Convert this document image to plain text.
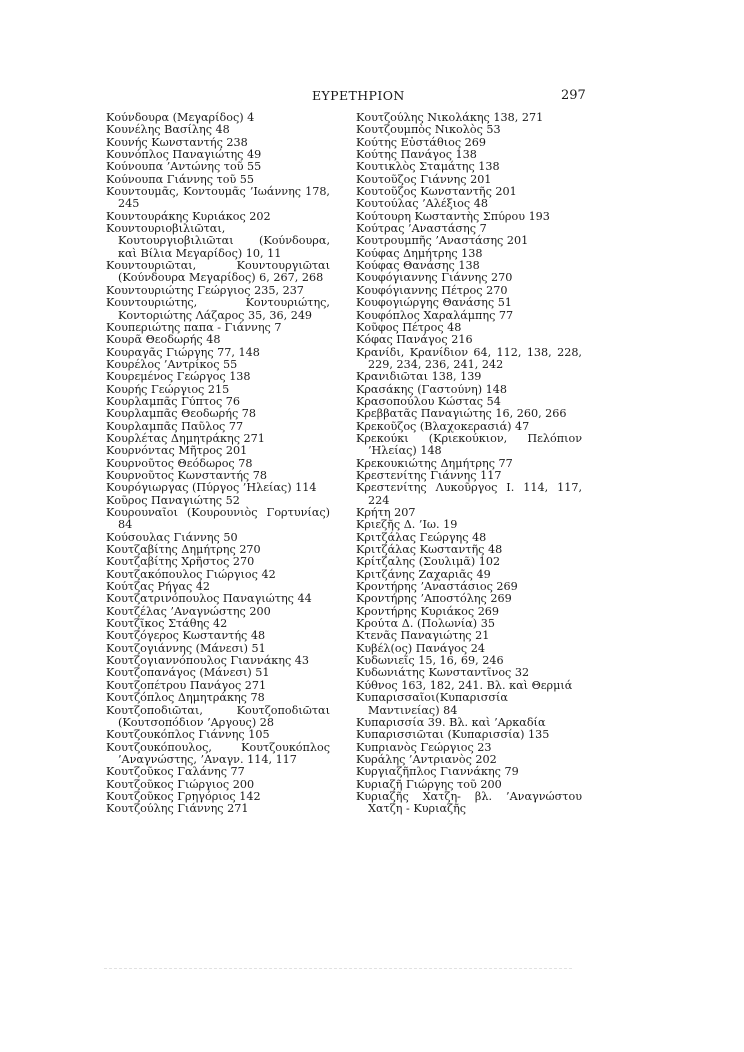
ΕΥΡΕΤΗΡΙΟΝ	297
Κούνδουρα (Μεγαρίδος) 4
Κουνέλης Βασίλης 48
Κουνής Κωνσταντής 238
Κουνόπλος Παναγιώτης 49
Κούνουπα ’Αντώνης τοῦ 55
Κούνουπα Γιάννης τοῦ 55
Κουντουμᾶς, Κοντουμᾶς ’Ιωάννης 178, 245
Κουντουράκης Κυριάκος 202
Κουντουριοβιλιῶται, Κουτουργιοβιλιῶται (Κούνδουρα, καὶ Βίλια Μεγαρίδος) 10, 11
Κουντουριῶται, Κουντουργιῶται (Κούνδουρα Μεγαρίδος) 6, 267, 268
Κουντουριώτης Γεώργιος 235, 237
Κουντουριώτης, Κοντουριώτης, Κοντοριώτης Λάζαρος 35, 36, 249
Κουπεριώτης παπα - Γιάννης 7
Κουρᾶ Θεοδωρής 48
Κουραγᾶς Γιώργης 77, 148
Κουρέλος ’Αντρίκος 55
Κουρεμένος Γεώργος 138
Κουρής Γεώργιος 215
Κουρλαμπᾶς Γύπτος 76
Κουρλαμπᾶς Θεοδωρής 78
Κουρλαμπᾶς Παῦλος 77
Κουρλέτας Δημητράκης 271
Κουρνόντας Μῆτρος 201
Κουρνοῦτος Θεόδωρος 78
Κουρνοῦτος Κωνσταντής 78
Κουρόγιωργας (Πύργος ’Ηλείας) 114
Κοῦρος Παναγιώτης 52
Κουρουναῖοι (Κουρουνιὸς Γορτυνίας) 84
Κούσουλας Γιάννης 50
Κουτζαβίτης Δημήτρης 270
Κουτζαβίτης Χρῆστος 270
Κουτζακόπουλος Γιώργιος 42
Κούτζας Ρήγας 42
Κουτζατρινόπουλος Παναγιώτης 44
Κουτζέλας ’Αναγνώστης 200
Κουτζῖκος Στάθης 42
Κουτζόγερος Κωσταντής 48
Κουτζογιάννης (Μάνεσι) 51
Κουτζογιαννόπουλος Γιαννάκης 43
Κουτζοπανάγος (Μάνεσι) 51
Κουτζοπέτρου Πανάγος 271
Κουτζόπλος Δημητράκης 78
Κουτζοποδιῶται, Κουτζοποδιῶται (Κουτσοπόδιον ’Αργους) 28
Κουτζουκόπλος Γιάννης 105
Κουτζουκόπουλος, Κουτζουκόπλος ’Αναγνώστης, ’Αναγν. 114, 117
Κουτζοῦκος Γαλάνης 77
Κουτζοῦκος Γιώργιος 200
Κουτζοῦκος Γρηγόριος 142
Κουτζούλης Γιάννης 271
Κουτζούλης Νικολάκης 138, 271
Κουτζουμπὸς Νικολὸς 53
Κούτης Εὐστάθιος 269
Κούτης Πανάγος 138
Κουτικλὸς Σταμάτης 138
Κουτοῦζος Γιάννης 201
Κουτοῦζος Κωνσταντῆς 201
Κουτούλας ’Αλέξιος 48
Κούτουρη Κωσταντὴς Σπύρου 193
Κούτρας ’Αναστάσης 7
Κουτρουμπῆς ’Αναστάσης 201
Κούφας Δημήτρης 138
Κούφας Θανάσης 138
Κουφόγιαννης Γιάννης 270
Κουφόγιαννης Πέτρος 270
Κουφογιώργης Θανάσης 51
Κουφόπλος Χαραλάμπης 77
Κοῦφος Πέτρος 48
Κόφας Πανάγος 216
Κρανίδι, Κρανίδιον 64, 112, 138, 228, 229, 234, 236, 241, 242
Κρανιδιῶται 138, 139
Κρασάκης (Γαστούνη) 148
Κρασοπούλου Κώστας 54
Κρεββατᾶς Παναγιώτης 16, 260, 266
Κρεκοῦζος (Βλαχοκερασιά) 47
Κρεκούκι (Κριεκούκιον, Πελόπιον ’Ηλείας) 148
Κρεκουκιώτης Δημήτρης 77
Κρεστενίτης Γιάννης 117
Κρεστενίτης Λυκοῦργος Ι. 114, 117, 224
Κρήτη 207
Κριεζῆς Δ. ’Ιω. 19
Κριτζάλας Γεώργης 48
Κριτζάλας Κωσταντῆς 48
Κρίτζαλης (Σουλιμᾶ) 102
Κριτζάνης Ζαχαριᾶς 49
Κροντήρης ’Αναστάσιος 269
Κροντήρης ’Αποστόλης 269
Κροντήρης Κυριάκος 269
Κρούτα Δ. (Πολωνία) 35
Κτενᾶς Παναγιώτης 21
Κυβέλ(ος) Πανάγος 24
Κυδωνιεῖς 15, 16, 69, 246
Κυδωνιάτης Κωνσταντῖνος 32
Κύθνος 163, 182, 241. Βλ. καὶ Θερμιά
Κυπαρισσαῖοι(Κυπαρισσία Μαντινείας) 84
Κυπαρισσία 39. Βλ. καὶ ’Αρκαδία
Κυπαρισσιῶται (Κυπαρισσία) 135
Κυπριανὸς Γεώργιος 23
Κυράλης ’Αντριανὸς 202
Κυργιαζῆπλος Γιαννάκης 79
Κυριαζῆ Γιώργης τοῦ 200
Κυριαζῆς Χατζη- βλ. ’Αναγνώστου Χατζη - Κυριαζῆς
